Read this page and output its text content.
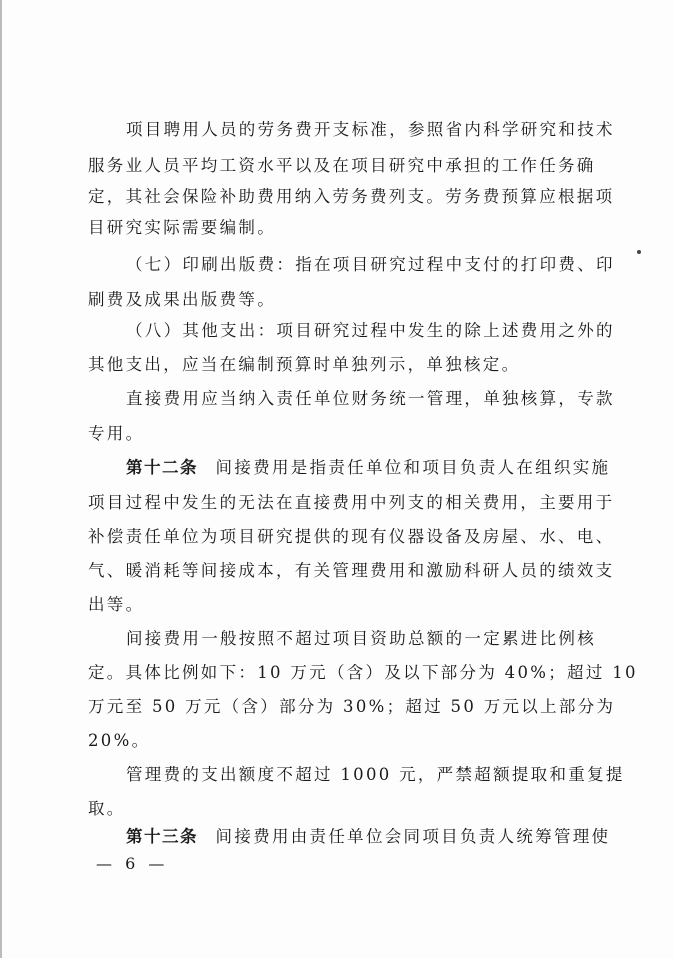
项目聘用人员的劳务费开支标准，参照省内科学研究和技术
服务业人员平均工资水平以及在项目研究中承担的工作任务确
定，其社会保险补助费用纳入劳务费列支。劳务费预算应根据项
目研究实际需要编制。
（七）印刷出版费：指在项目研究过程中支付的打印费、印
刷费及成果出版费等。
（八）其他支出：项目研究过程中发生的除上述费用之外的
其他支出，应当在编制预算时单独列示，单独核定。
直接费用应当纳入责任单位财务统一管理，单独核算，专款
专用。
第十二条 间接费用是指责任单位和项目负责人在组织实施
项目过程中发生的无法在直接费用中列支的相关费用，主要用于
补偿责任单位为项目研究提供的现有仪器设备及房屋、水、电、
气、暖消耗等间接成本，有关管理费用和激励科研人员的绩效支
出等。
间接费用一般按照不超过项目资助总额的一定累进比例核
定。具体比例如下：10 万元（含）及以下部分为 40%；超过 10
万元至 50 万元（含）部分为 30%；超过 50 万元以上部分为
20%。
管理费的支出额度不超过 1000 元，严禁超额提取和重复提
取。
第十三条 间接费用由责任单位会同项目负责人统筹管理使
— 6 —
